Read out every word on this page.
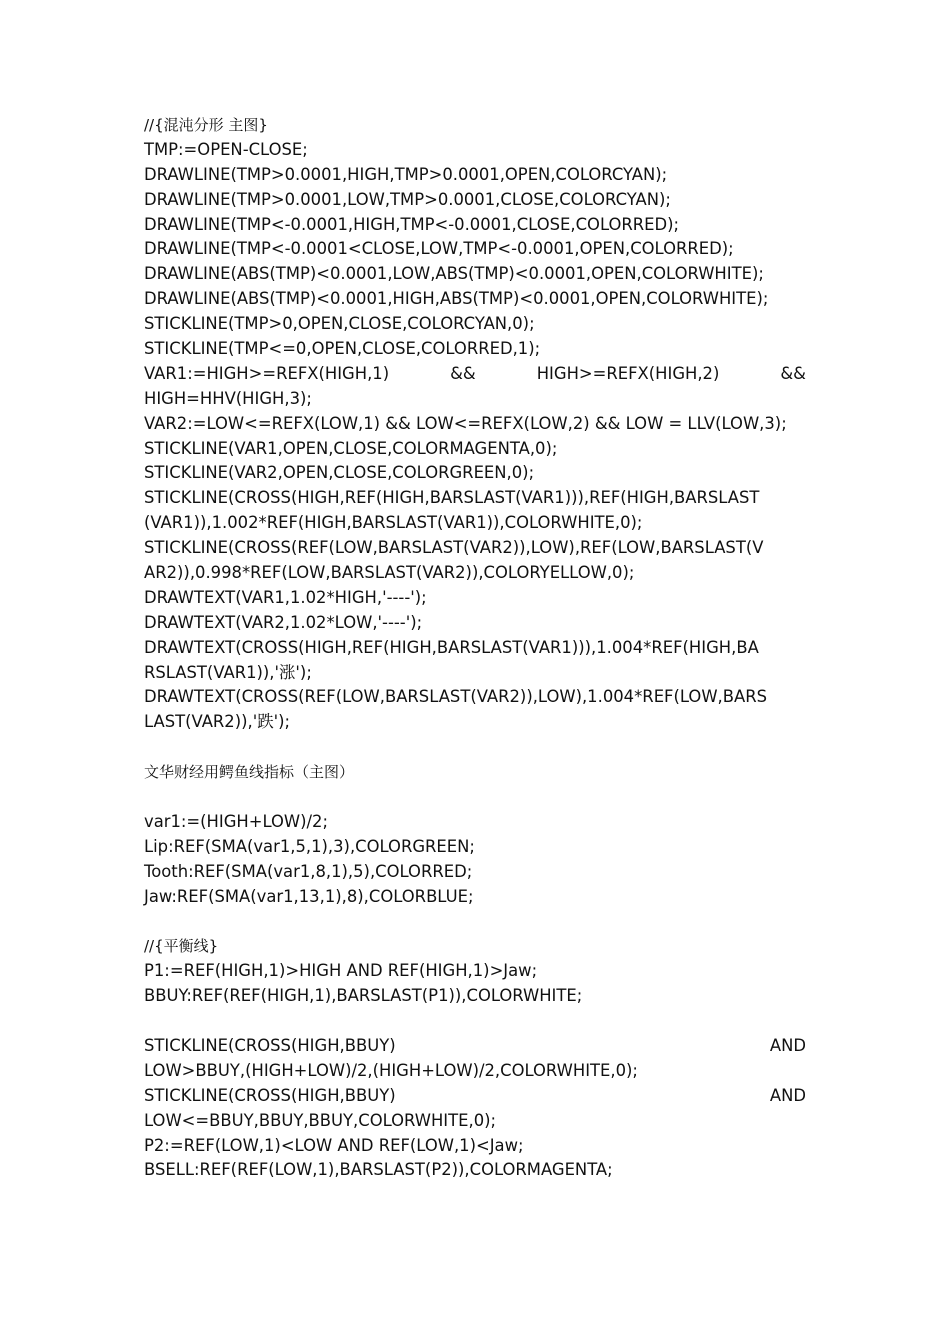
//{混沌分形 主图}
TMP:=OPEN-CLOSE;
DRAWLINE(TMP>0.0001,HIGH,TMP>0.0001,OPEN,COLORCYAN);
DRAWLINE(TMP>0.0001,LOW,TMP>0.0001,CLOSE,COLORCYAN);
DRAWLINE(TMP<-0.0001,HIGH,TMP<-0.0001,CLOSE,COLORRED);
DRAWLINE(TMP<-0.0001<CLOSE,LOW,TMP<-0.0001,OPEN,COLORRED);
DRAWLINE(ABS(TMP)<0.0001,LOW,ABS(TMP)<0.0001,OPEN,COLORWHITE);
DRAWLINE(ABS(TMP)<0.0001,HIGH,ABS(TMP)<0.0001,OPEN,COLORWHITE);
STICKLINE(TMP>0,OPEN,CLOSE,COLORCYAN,0);
STICKLINE(TMP<=0,OPEN,CLOSE,COLORRED,1);
VAR1:=HIGH>=REFX(HIGH,1)	&&	HIGH>=REFX(HIGH,2)	&&
HIGH=HHV(HIGH,3);
VAR2:=LOW<=REFX(LOW,1) && LOW<=REFX(LOW,2) && LOW = LLV(LOW,3);
STICKLINE(VAR1,OPEN,CLOSE,COLORMAGENTA,0);
STICKLINE(VAR2,OPEN,CLOSE,COLORGREEN,0);
STICKLINE(CROSS(HIGH,REF(HIGH,BARSLAST(VAR1))),REF(HIGH,BARSLAST
(VAR1)),1.002*REF(HIGH,BARSLAST(VAR1)),COLORWHITE,0);
STICKLINE(CROSS(REF(LOW,BARSLAST(VAR2)),LOW),REF(LOW,BARSLAST(V
AR2)),0.998*REF(LOW,BARSLAST(VAR2)),COLORYELLOW,0);
DRAWTEXT(VAR1,1.02*HIGH,'----');
DRAWTEXT(VAR2,1.02*LOW,'----');
DRAWTEXT(CROSS(HIGH,REF(HIGH,BARSLAST(VAR1))),1.004*REF(HIGH,BA
RSLAST(VAR1)),'涨');
DRAWTEXT(CROSS(REF(LOW,BARSLAST(VAR2)),LOW),1.004*REF(LOW,BARS
LAST(VAR2)),'跌');
文华财经用鳄鱼线指标（主图）
var1:=(HIGH+LOW)/2;
Lip:REF(SMA(var1,5,1),3),COLORGREEN;
Tooth:REF(SMA(var1,8,1),5),COLORRED;
Jaw:REF(SMA(var1,13,1),8),COLORBLUE;
//{平衡线}
P1:=REF(HIGH,1)>HIGH AND REF(HIGH,1)>Jaw;
BBUY:REF(REF(HIGH,1),BARSLAST(P1)),COLORWHITE;
STICKLINE(CROSS(HIGH,BBUY)	AND
LOW>BBUY,(HIGH+LOW)/2,(HIGH+LOW)/2,COLORWHITE,0);
STICKLINE(CROSS(HIGH,BBUY)	AND
LOW<=BBUY,BBUY,BBUY,COLORWHITE,0);
P2:=REF(LOW,1)<LOW AND REF(LOW,1)<Jaw;
BSELL:REF(REF(LOW,1),BARSLAST(P2)),COLORMAGENTA;
